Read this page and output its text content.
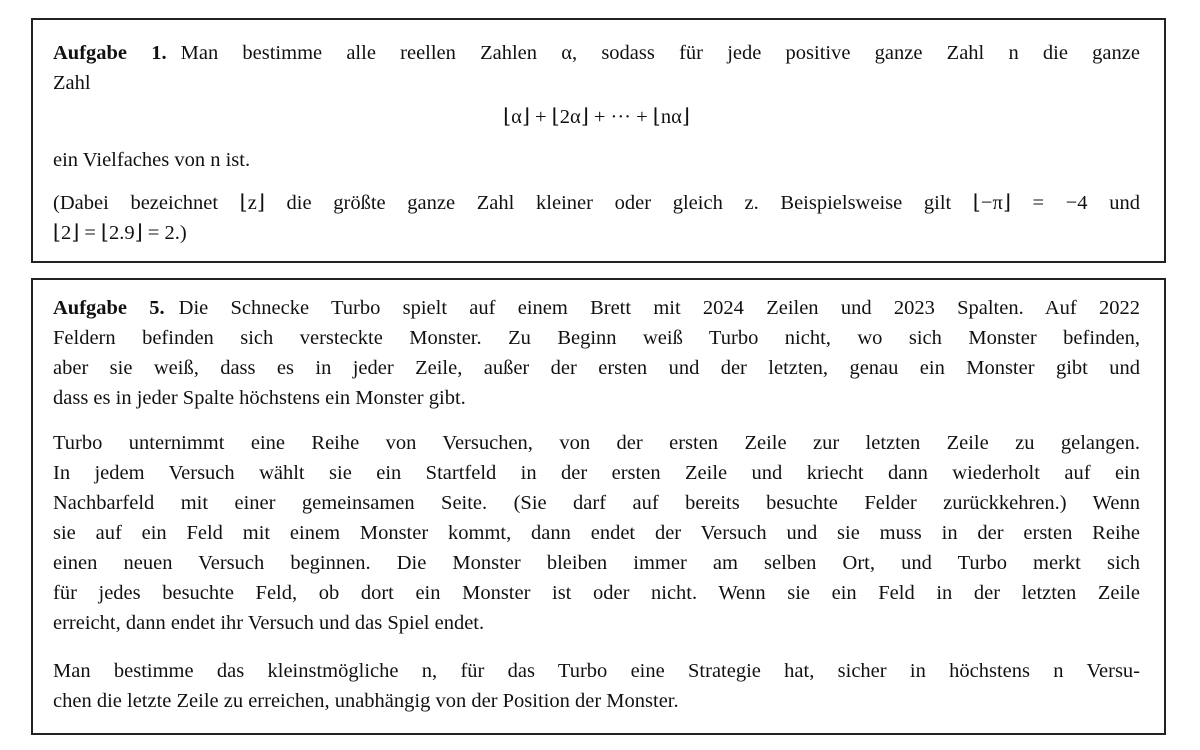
Aufgabe 1. Man bestimme alle reellen Zahlen α, sodass für jede positive ganze Zahl n die ganze
Zahl
⌊α⌋ + ⌊2α⌋ + ··· + ⌊nα⌋
ein Vielfaches von n ist.
(Dabei bezeichnet ⌊z⌋ die größte ganze Zahl kleiner oder gleich z. Beispielsweise gilt ⌊−π⌋ = −4 und
⌊2⌋ = ⌊2.9⌋ = 2.)
Aufgabe 5. Die Schnecke Turbo spielt auf einem Brett mit 2024 Zeilen und 2023 Spalten. Auf 2022
Feldern befinden sich versteckte Monster. Zu Beginn weiß Turbo nicht, wo sich Monster befinden,
aber sie weiß, dass es in jeder Zeile, außer der ersten und der letzten, genau ein Monster gibt und
dass es in jeder Spalte höchstens ein Monster gibt.
Turbo unternimmt eine Reihe von Versuchen, von der ersten Zeile zur letzten Zeile zu gelangen.
In jedem Versuch wählt sie ein Startfeld in der ersten Zeile und kriecht dann wiederholt auf ein
Nachbarfeld mit einer gemeinsamen Seite. (Sie darf auf bereits besuchte Felder zurückkehren.) Wenn
sie auf ein Feld mit einem Monster kommt, dann endet der Versuch und sie muss in der ersten Reihe
einen neuen Versuch beginnen. Die Monster bleiben immer am selben Ort, und Turbo merkt sich
für jedes besuchte Feld, ob dort ein Monster ist oder nicht. Wenn sie ein Feld in der letzten Zeile
erreicht, dann endet ihr Versuch und das Spiel endet.
Man bestimme das kleinstmögliche n, für das Turbo eine Strategie hat, sicher in höchstens n Versu-
chen die letzte Zeile zu erreichen, unabhängig von der Position der Monster.
